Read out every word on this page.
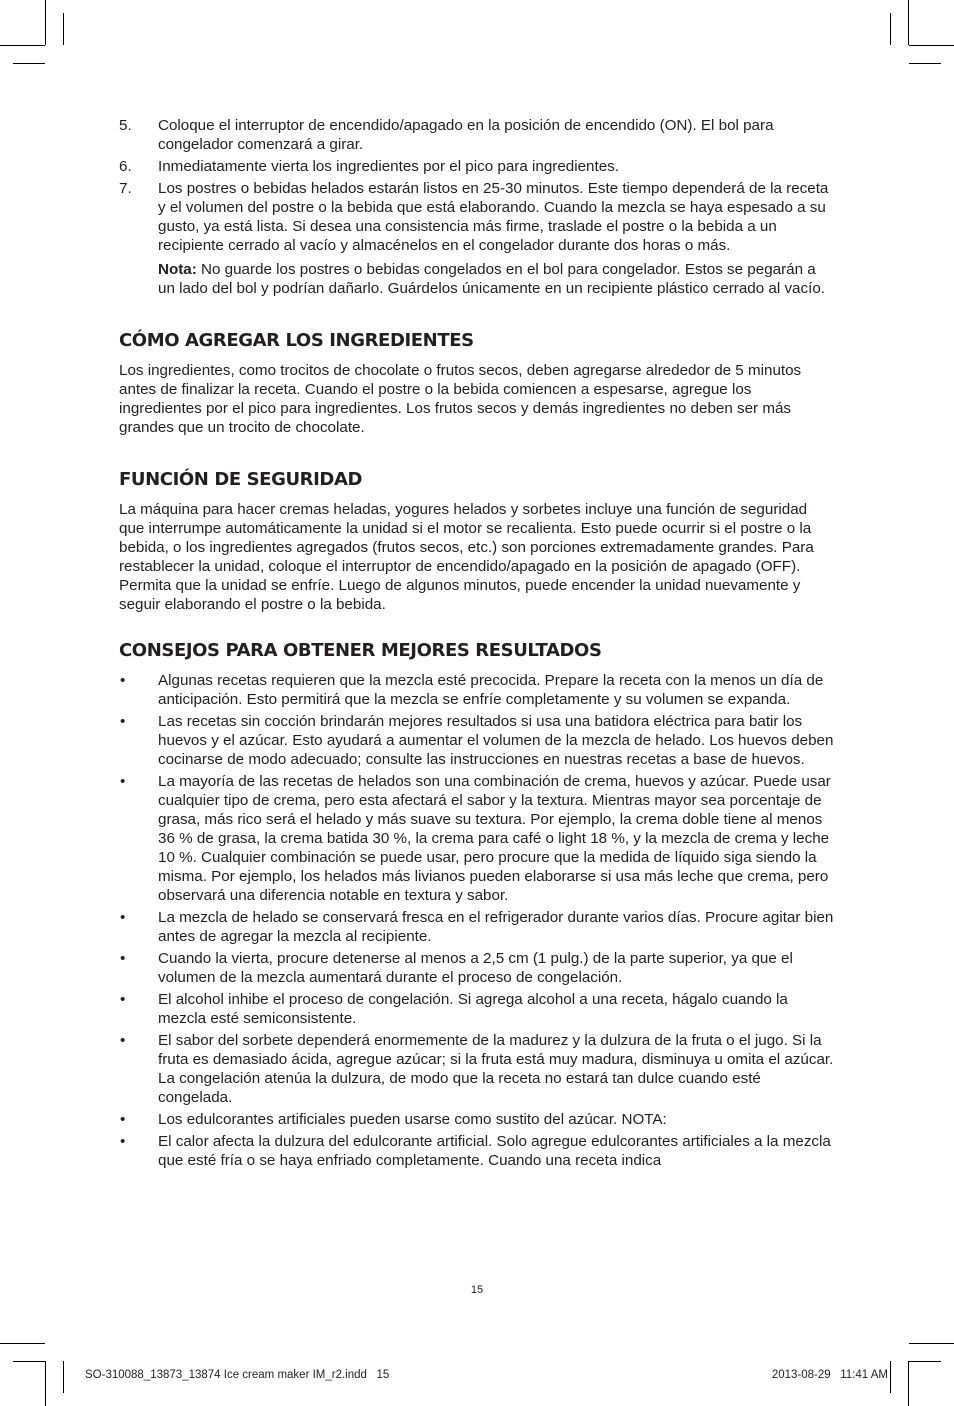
5. Coloque el interruptor de encendido/apagado en la posición de encendido (ON). El bol para congelador comenzará a girar.
6. Inmediatamente vierta los ingredientes por el pico para ingredientes.
7. Los postres o bebidas helados estarán listos en 25-30 minutos. Este tiempo dependerá de la receta y el volumen del postre o la bebida que está elaborando. Cuando la mezcla se haya espesado a su gusto, ya está lista. Si desea una consistencia más firme, traslade el postre o la bebida a un recipiente cerrado al vacío y almacénelos en el congelador durante dos horas o más.
Nota: No guarde los postres o bebidas congelados en el bol para congelador. Estos se pegarán a un lado del bol y podrían dañarlo. Guárdelos únicamente en un recipiente plástico cerrado al vacío.
CÓMO AGREGAR LOS INGREDIENTES

Los ingredientes, como trocitos de chocolate o frutos secos, deben agregarse alrededor de 5 minutos antes de finalizar la receta. Cuando el postre o la bebida comiencen a espesarse, agregue los ingredientes por el pico para ingredientes. Los frutos secos y demás ingredientes no deben ser más grandes que un trocito de chocolate.

FUNCIÓN DE SEGURIDAD

La máquina para hacer cremas heladas, yogures helados y sorbetes incluye una función de seguridad que interrumpe automáticamente la unidad si el motor se recalienta. Esto puede ocurrir si el postre o la bebida, o los ingredientes agregados (frutos secos, etc.) son porciones extremadamente grandes. Para restablecer la unidad, coloque el interruptor de encendido/apagado en la posición de apagado (OFF). Permita que la unidad se enfríe. Luego de algunos minutos, puede encender la unidad nuevamente y seguir elaborando el postre o la bebida.

CONSEJOS PARA OBTENER MEJORES RESULTADOS
• Algunas recetas requieren que la mezcla esté precocida. Prepare la receta con la menos un día de anticipación. Esto permitirá que la mezcla se enfríe completamente y su volumen se expanda.
• Las recetas sin cocción brindarán mejores resultados si usa una batidora eléctrica para batir los huevos y el azúcar. Esto ayudará a aumentar el volumen de la mezcla de helado. Los huevos deben cocinarse de modo adecuado; consulte las instrucciones en nuestras recetas a base de huevos.
• La mayoría de las recetas de helados son una combinación de crema, huevos y azúcar. Puede usar cualquier tipo de crema, pero esta afectará el sabor y la textura. Mientras mayor sea porcentaje de grasa, más rico será el helado y más suave su textura. Por ejemplo, la crema doble tiene al menos 36 % de grasa, la crema batida 30 %, la crema para café o light 18 %, y la mezcla de crema y leche 10 %. Cualquier combinación se puede usar, pero procure que la medida de líquido siga siendo la misma. Por ejemplo, los helados más livianos pueden elaborarse si usa más leche que crema, pero observará una diferencia notable en textura y sabor.
• La mezcla de helado se conservará fresca en el refrigerador durante varios días. Procure agitar bien antes de agregar la mezcla al recipiente.
• Cuando la vierta, procure detenerse al menos a 2,5 cm (1 pulg.) de la parte superior, ya que el volumen de la mezcla aumentará durante el proceso de congelación.
• El alcohol inhibe el proceso de congelación. Si agrega alcohol a una receta, hágalo cuando la mezcla esté semiconsistente.
• El sabor del sorbete dependerá enormemente de la madurez y la dulzura de la fruta o el jugo. Si la fruta es demasiado ácida, agregue azúcar; si la fruta está muy madura, disminuya u omita el azúcar. La congelación atenúa la dulzura, de modo que la receta no estará tan dulce cuando esté congelada.
• Los edulcorantes artificiales pueden usarse como sustito del azúcar. NOTA:
• El calor afecta la dulzura del edulcorante artificial. Solo agregue edulcorantes artificiales a la mezcla que esté fría o se haya enfriado completamente. Cuando una receta indica
15
SO-310088_13873_13874 Ice cream maker IM_r2.indd   15	2013-08-29   11:41 AM
